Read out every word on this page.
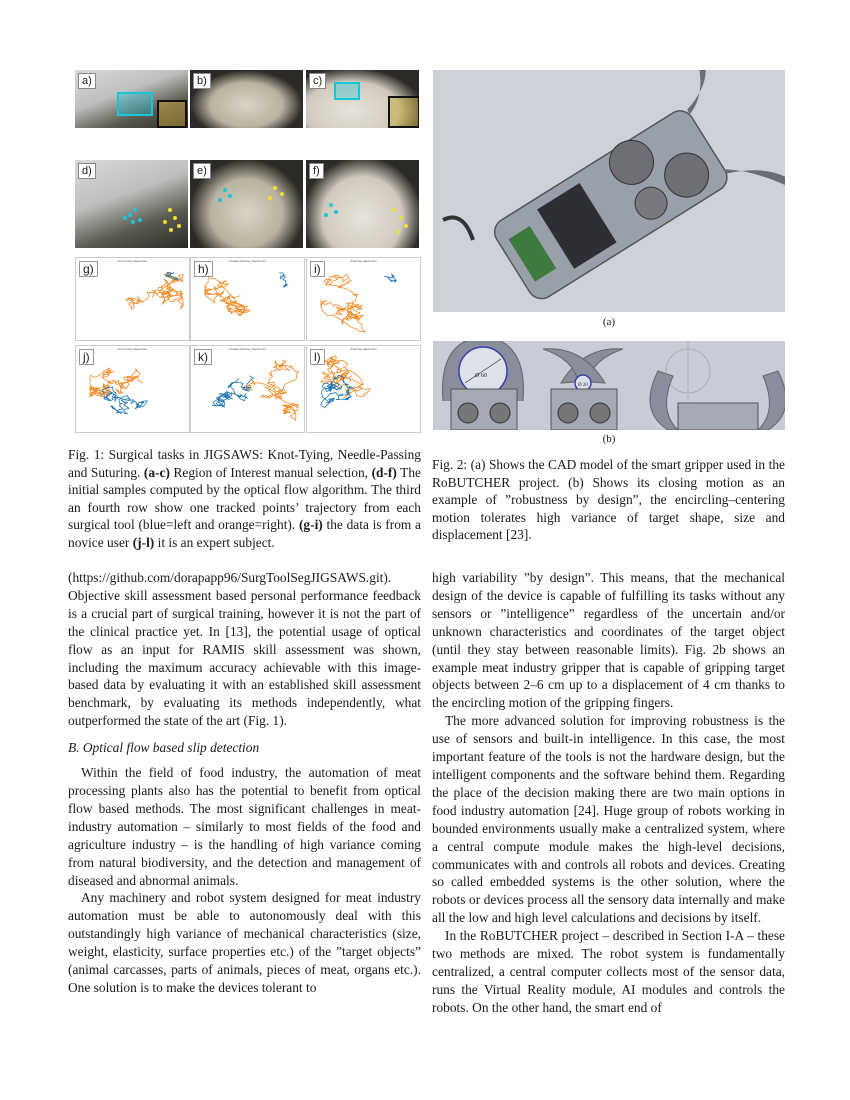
a)	b)	c)
d)	e)	f)
Knot-Tying trajectories
g)
Needle-Passing trajectories
h)
Suturing trajectories
i)
Knot-Tying trajectories
j)
Needle-Passing trajectories
k)
Suturing trajectories
l)
Fig. 1: Surgical tasks in JIGSAWS: Knot-Tying, Needle-Passing and Suturing. (a-c) Region of Interest manual selection, (d-f) The initial samples computed by the optical flow algorithm. The third an fourth row show one tracked points’ trajectory from each surgical tool (blue=left and orange=right). (g-i) the data is from a novice user (j-l) it is an expert subject.
(a)
Ø 60
Ø 20
(b)
Fig. 2: (a) Shows the CAD model of the smart gripper used in the RoBUTCHER project. (b) Shows its closing motion as an example of ”robustness by design”, the encircling–centering motion tolerates high variance of target shape, size and displacement [23].

(https://github.com/dorapapp96/SurgToolSegJIGSAWS.git). Objective skill assessment based personal performance feedback is a crucial part of surgical training, however it is not the part of the clinical practice yet. In [13], the potential usage of optical flow as an input for RAMIS skill assessment was shown, including the maximum accuracy achievable with this image-based data by evaluating it with an established skill assessment benchmark, by evaluating its methods independently, what outperformed the state of the art (Fig. 1).

B. Optical flow based slip detection

Within the field of food industry, the automation of meat processing plants also has the potential to benefit from optical flow based methods. The most significant challenges in meat-industry automation – similarly to most fields of the food and agriculture industry – is the handling of high variance coming from natural biodiversity, and the detection and management of diseased and abnormal animals.

Any machinery and robot system designed for meat industry automation must be able to autonomously deal with this outstandingly high variance of mechanical characteristics (size, weight, elasticity, surface properties etc.) of the ”target objects” (animal carcasses, parts of animals, pieces of meat, organs etc.). One solution is to make the devices tolerant to

high variability ”by design”. This means, that the mechanical design of the device is capable of fulfilling its tasks without any sensors or ”intelligence” regardless of the uncertain and/or unknown characteristics and coordinates of the target object (until they stay between reasonable limits). Fig. 2b shows an example meat industry gripper that is capable of gripping target objects between 2–6 cm up to a displacement of 4 cm thanks to the encircling motion of the gripping fingers.

The more advanced solution for improving robustness is the use of sensors and built-in intelligence. In this case, the most important feature of the tools is not the hardware design, but the intelligent components and the software behind them. Regarding the place of the decision making there are two main options in food industry automation [24]. Huge group of robots working in bounded environments usually make a centralized system, where a central compute module makes the high-level decisions, communicates with and controls all robots and devices. Creating so called embedded systems is the other solution, where the robots or devices process all the sensory data internally and make all the low and high level calculations and decisions by itself.

In the RoBUTCHER project – described in Section I-A – these two methods are mixed. The robot system is fundamentally centralized, a central computer collects most of the sensor data, runs the Virtual Reality module, AI modules and controls the robots. On the other hand, the smart end of
